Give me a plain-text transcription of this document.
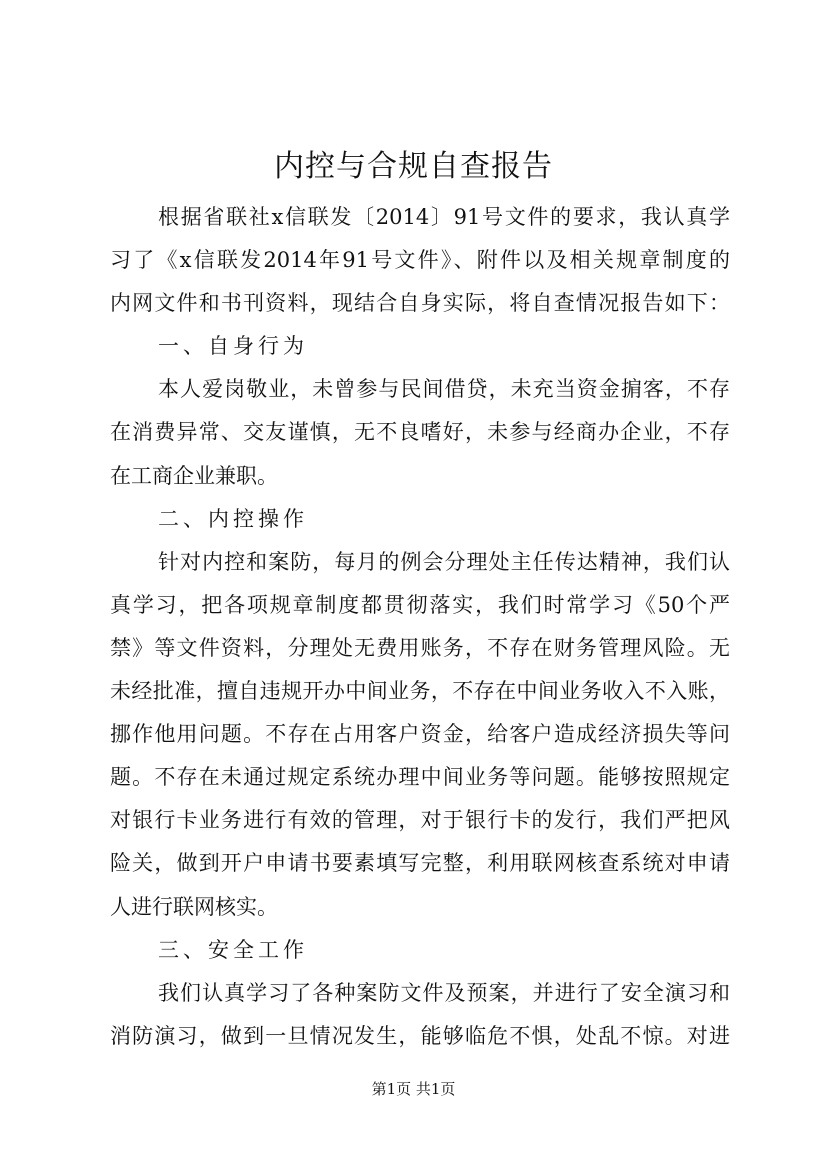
内控与合规自查报告
根据省联社x信联发〔2014〕91号文件的要求，我认真学
习了《x信联发2014年91号文件》、附件以及相关规章制度的
内网文件和书刊资料，现结合自身实际，将自查情况报告如下：
一、自身行为
本人爱岗敬业，未曾参与民间借贷，未充当资金掮客，不存
在消费异常、交友谨慎，无不良嗜好，未参与经商办企业，不存
在工商企业兼职。
二、内控操作
针对内控和案防，每月的例会分理处主任传达精神，我们认
真学习，把各项规章制度都贯彻落实，我们时常学习《50个严
禁》等文件资料，分理处无费用账务，不存在财务管理风险。无
未经批准，擅自违规开办中间业务，不存在中间业务收入不入账，
挪作他用问题。不存在占用客户资金，给客户造成经济损失等问
题。不存在未通过规定系统办理中间业务等问题。能够按照规定
对银行卡业务进行有效的管理，对于银行卡的发行，我们严把风
险关，做到开户申请书要素填写完整，利用联网核查系统对申请
人进行联网核实。
三、安全工作
我们认真学习了各种案防文件及预案，并进行了安全演习和
消防演习，做到一旦情况发生，能够临危不惧，处乱不惊。对进
第1页 共1页
